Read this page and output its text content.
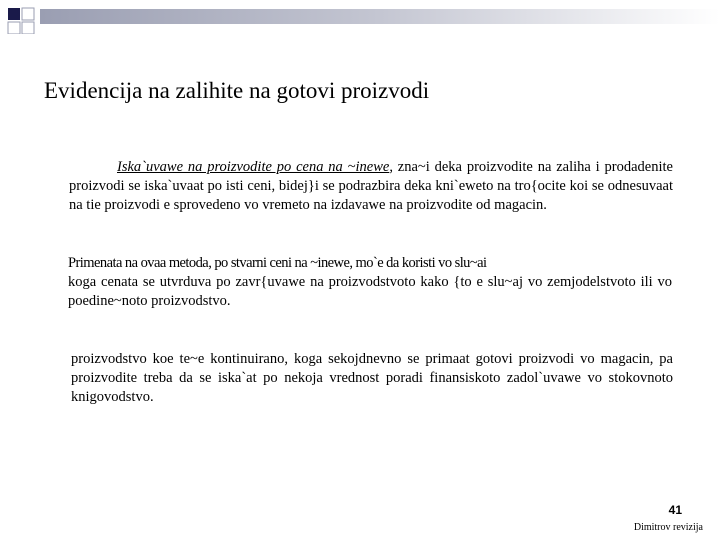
Evidencija na zalihite na gotovi proizvodi
Iska`uvawe na proizvodite po cena na ~inewe, zna~i deka proizvodite na zaliha i prodadenite proizvodi se iska`uvaat po isti ceni, bidej}i se podrazbira deka kni`eweto na tro{ocite koi se odnesuvaat na tie proizvodi e sprovedeno vo vremeto na izdavawe na proizvodite od magacin.
Primenata na ovaa metoda, po stvarni ceni na ~inewe, mo`e da koristi vo slu~ai
koga cenata se utvrduva po zavr{uvawe na proizvodstvoto kako {to e slu~aj vo zemjodelstvoto ili vo poedine~noto proizvodstvo.
proizvodstvo koe te~e kontinuirano, koga sekojdnevno se primaat gotovi proizvodi vo magacin, pa proizvodite treba da se iska`at po nekoja vrednost poradi finansiskoto zadol`uvawe vo stokovnoto knigovodstvo.
41
Dimitrov revizija
